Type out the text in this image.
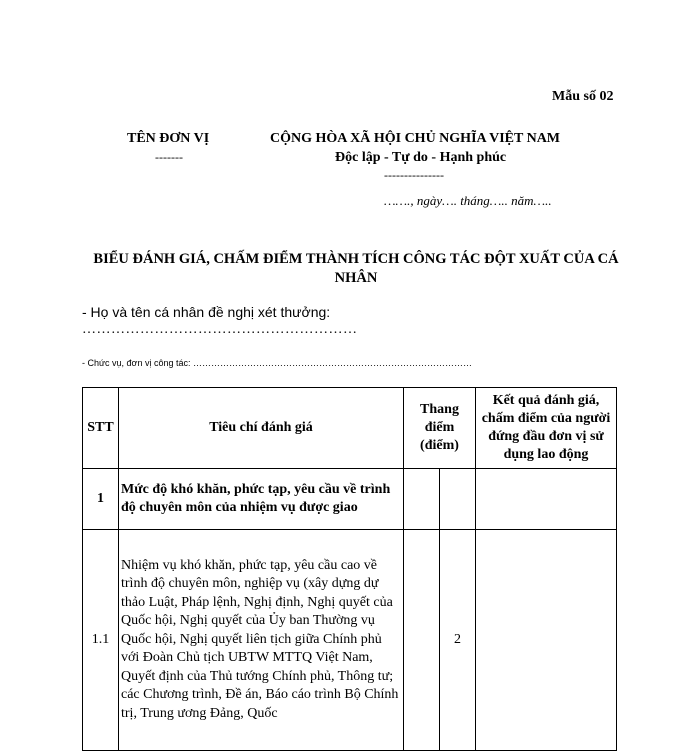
Mẫu số 02
TÊN ĐƠN VỊ
-------
CỘNG HÒA XÃ HỘI CHỦ NGHĨA VIỆT NAM
Độc lập - Tự do - Hạnh phúc
---------------
……., ngày…. tháng….. năm…..
BIỂU ĐÁNH GIÁ, CHẤM ĐIỂM THÀNH TÍCH CÔNG TÁC ĐỘT XUẤT CỦA CÁ NHÂN
- Họ và tên cá nhân đề nghị xét thưởng:
…………………………………………………
- Chức vụ, đơn vị công tác: …………………………………………………………………………………
STT	Tiêu chí đánh giá	Thang điểm (điểm)		Kết quả đánh giá, chấm điểm của người đứng đầu đơn vị sử dụng lao động
1	Mức độ khó khăn, phức tạp, yêu cầu về trình độ chuyên môn của nhiệm vụ được giao			
1.1	Nhiệm vụ khó khăn, phức tạp, yêu cầu cao về trình độ chuyên môn, nghiệp vụ (xây dựng dự thảo Luật, Pháp lệnh, Nghị định, Nghị quyết của Quốc hội, Nghị quyết của Ủy ban Thường vụ Quốc hội, Nghị quyết liên tịch giữa Chính phủ với Đoàn Chủ tịch UBTW MTTQ Việt Nam, Quyết định của Thủ tướng Chính phủ, Thông tư; các Chương trình, Đề án, Báo cáo trình Bộ Chính trị, Trung ương Đảng, Quốc		2	
